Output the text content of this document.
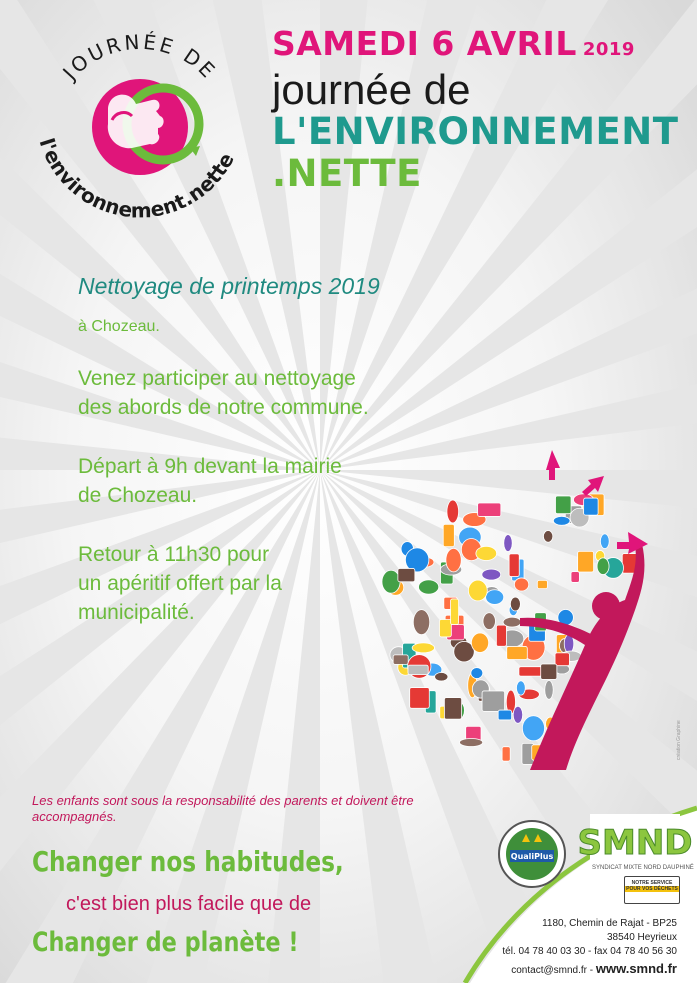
JOURNÉE DE
l'environnement.nette
SAMEDI 6 AVRIL 2019
journée de
L'ENVIRONNEMENT
.NETTE
Nettoyage de printemps 2019
à Chozeau.
Venez participer au nettoyage
des abords de notre commune.
Départ à 9h devant la mairie
de Chozeau.
Retour à 11h30 pour
un apéritif offert par la
municipalité.
création Graphine
Les enfants sont sous la responsabilité des parents et doivent être accompagnés.
Changer nos habitudes,
c'est bien plus facile que de
Changer de planète !
QualiPlus SMND
SYNDICAT MIXTE NORD DAUPHINÉ
NOTRE SERVICE
POUR VOS DÉCHETS
1180, Chemin de Rajat - BP25
38540 Heyrieux
tél. 04 78 40 03 30 - fax 04 78 40 56 30
contact@smnd.fr - www.smnd.fr
